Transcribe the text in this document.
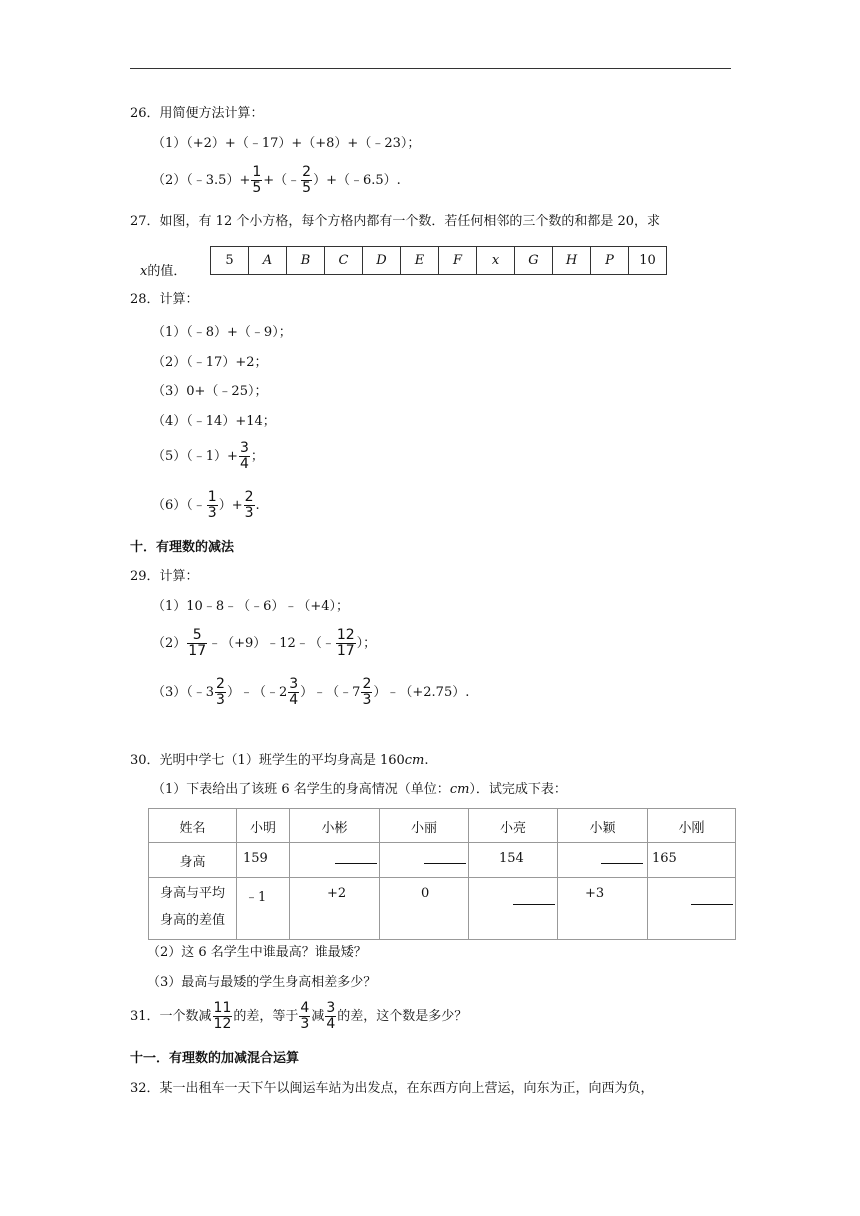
26．用简便方法计算：
（1）（+2）+（﹣17）+（+8）+（﹣23）；
（2）（﹣3.5）+ $\frac{1}{5}$ +（﹣ $\frac{2}{5}$ ）+（﹣6.5）.
27．如图，有 12 个小方格，每个方格内都有一个数．若任何相邻的三个数的和都是 20，求
x的值．
5	A	B	C	D	E	F	x	G	H	P	10
28．计算：
（1）（﹣8）+（﹣9）；
（2）（﹣17）+2；
（3）0+（﹣25）；
（4）（﹣14）+14；
（5）（﹣1）+ $\frac{3}{4}$ ；
（6）（﹣ $\frac{1}{3}$ ）+ $\frac{2}{3}$ .
十．有理数的减法
29．计算：
（1）10﹣8﹣（﹣6）﹣（+4）；
$(2) \frac{5}{17}$ ﹣（+9）﹣12﹣（﹣ $\frac{12}{17}$ ）；
（3）（﹣3 $\frac{2}{3}$ ）﹣（﹣2 $\frac{3}{4}$ ）﹣（﹣7 $\frac{2}{3}$ ）﹣（+2.75）.
30．光明中学七（1）班学生的平均身高是 160cm.
（1）下表给出了该班 6 名学生的身高情况（单位：cm）．试完成下表：
姓名	小明	小彬	小丽	小亮	小颖	小刚
身高	159			154		165
身高与平均
身高的差值	﹣1	+2	0		+3	
（2）这 6 名学生中谁最高？谁最矮？
（3）最高与最矮的学生身高相差多少？
31．一个数减 $\frac{11}{12}$ 的差，等于 $\frac{4}{3}$ 减 $\frac{3}{4}$ 的差，这个数是多少？
十一．有理数的加减混合运算
32．某一出租车一天下午以闽运车站为出发点，在东西方向上营运，向东为正，向西为负，
